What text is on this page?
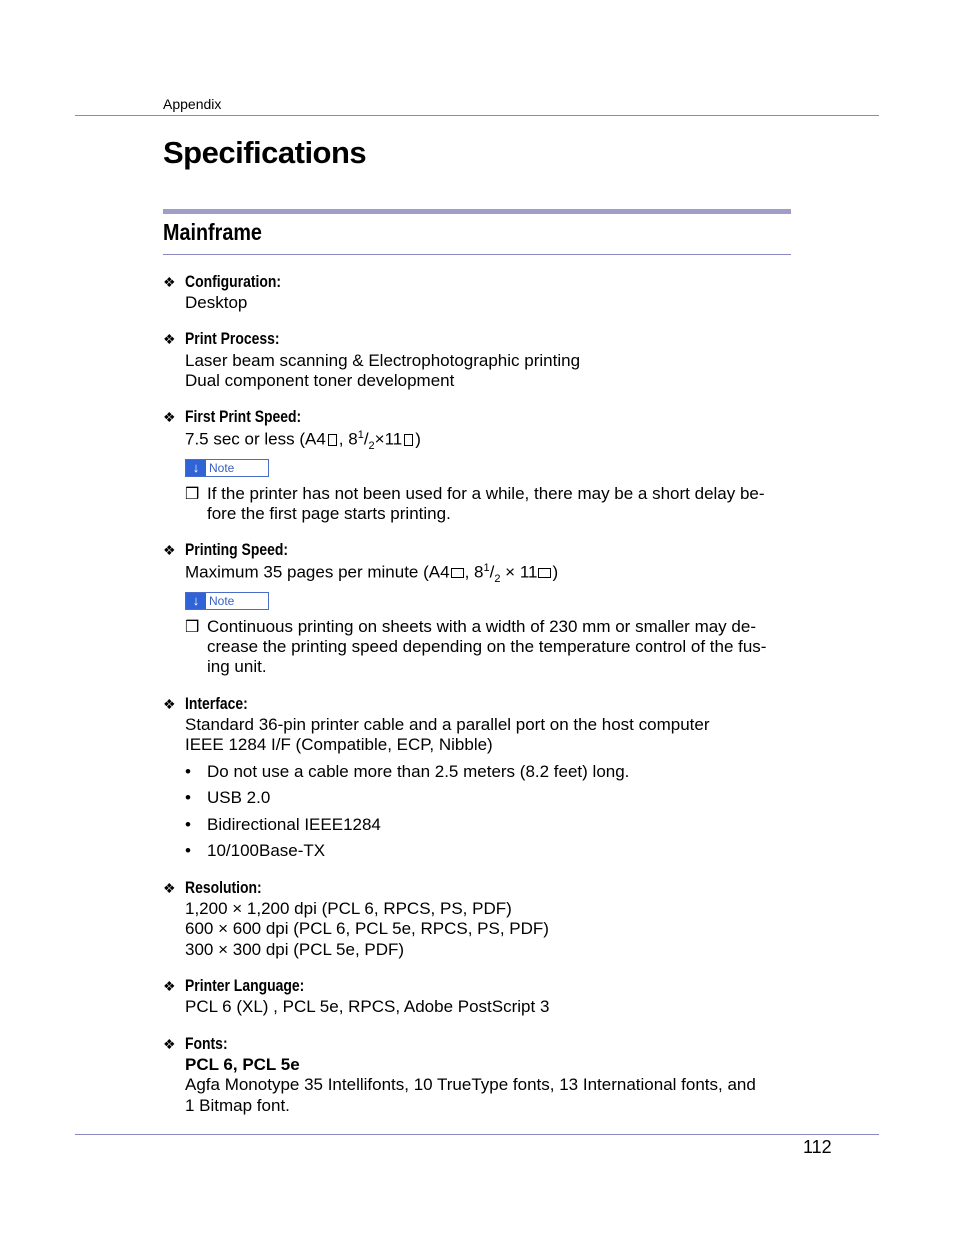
Appendix
Specifications
Mainframe
❖ Configuration:
Desktop
❖ Print Process:
Laser beam scanning & Electrophotographic printing
Dual component toner development
❖ First Print Speed:
7.5 sec or less (A4 , $8^1/_2\times 11$ )
↓ Note
❒ If the printer has not been used for a while, there may be a short delay be- fore the first page starts printing.
❖ Printing Speed:
Maximum 35 pages per minute (A4 , $8^1/_2 \times 11$ )
↓ Note
❒ Continuous printing on sheets with a width of 230 mm or smaller may de- crease the printing speed depending on the temperature control of the fus- ing unit.
❖ Interface:
Standard 36-pin printer cable and a parallel port on the host computer
IEEE 1284 I/F (Compatible, ECP, Nibble)
• Do not use a cable more than 2.5 meters (8.2 feet) long.
• USB 2.0
• Bidirectional IEEE1284
• 10/100Base-TX
❖ Resolution:
1,200 × 1,200 dpi (PCL 6, RPCS, PS, PDF)
600 × 600 dpi (PCL 6, PCL 5e, RPCS, PS, PDF)
300 × 300 dpi (PCL 5e, PDF)
❖ Printer Language:
PCL 6 (XL) , PCL 5e, RPCS, Adobe PostScript 3
❖ Fonts:
PCL 6, PCL 5e
Agfa Monotype 35 Intellifonts, 10 TrueType fonts, 13 International fonts, and
1 Bitmap font.
112
